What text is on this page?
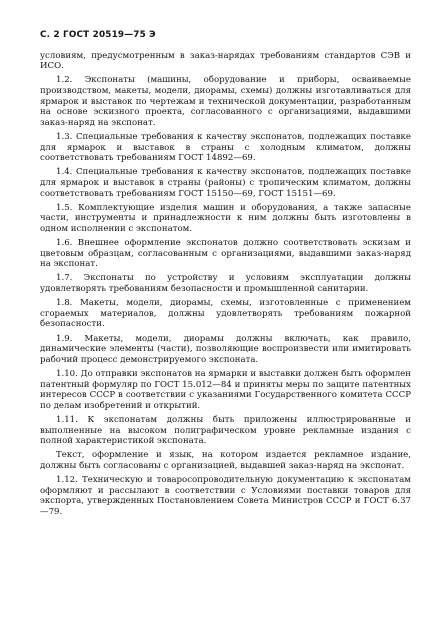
С. 2 ГОСТ 20519—75 Э

условиям, предусмотренным в заказ-нарядах требованиям стандартов СЭВ и ИСО.

1.2. Экспонаты (машины, оборудование и приборы, осваиваемые производством, макеты, модели, диорамы, схемы) должны изготавливаться для ярмарок и выставок по чертежам и технической документации, разработанным на основе эскизного проекта, согласованного с организациями, выдавшими заказ-наряд на экспонат.

1.3. Специальные требования к качеству экспонатов, подлежащих поставке для ярмарок и выставок в страны с холодным климатом, должны соответствовать требованиям ГОСТ 14892—69.

1.4. Специальные требования к качеству экспонатов, подлежащих поставке для ярмарок и выставок в страны (районы) с тропическим климатом, должны соответствовать требованиям ГОСТ 15150—69, ГОСТ 15151—69.

1.5. Комплектующие изделия машин и оборудования, а также запасные части, инструменты и принадлежности к ним должны быть изготовлены в одном исполнении с экспонатом.

1.6. Внешнее оформление экспонатов должно соответствовать эскизам и цветовым образцам, согласованным с организациями, выдавшими заказ-наряд на экспонат.

1.7. Экспонаты по устройству и условиям эксплуатации должны удовлетворять требованиям безопасности и промышленной санитарии.

1.8. Макеты, модели, диорамы, схемы, изготовленные с применением сгораемых материалов, должны удовлетворять требованиям пожарной безопасности.

1.9. Макеты, модели, диорамы должны включать, как правило, динамические элементы (части), позволяющие воспроизвести или имитировать рабочий процесс демонстрируемого экспоната.

1.10. До отправки экспонатов на ярмарки и выставки должен быть оформлен патентный формуляр по ГОСТ 15.012—84 и приняты меры по защите патентных интересов СССР в соответствии с указаниями Государственного комитета СССР по делам изобретений и открытий.

1.11. К экспонатам должны быть приложены иллюстрированные и выполненные на высоком полиграфическом уровне рекламные издания с полной характеристикой экспоната.

Текст, оформление и язык, на котором издается рекламное издание, должны быть согласованы с организацией, выдавшей заказ-наряд на экспонат.

1.12. Техническую и товаросопроводительную документацию к экспонатам оформляют и рассылают в соответствии с Условиями поставки товаров для экспорта, утвержденных Постановлением Совета Министров СССР и ГОСТ 6.37—79.
